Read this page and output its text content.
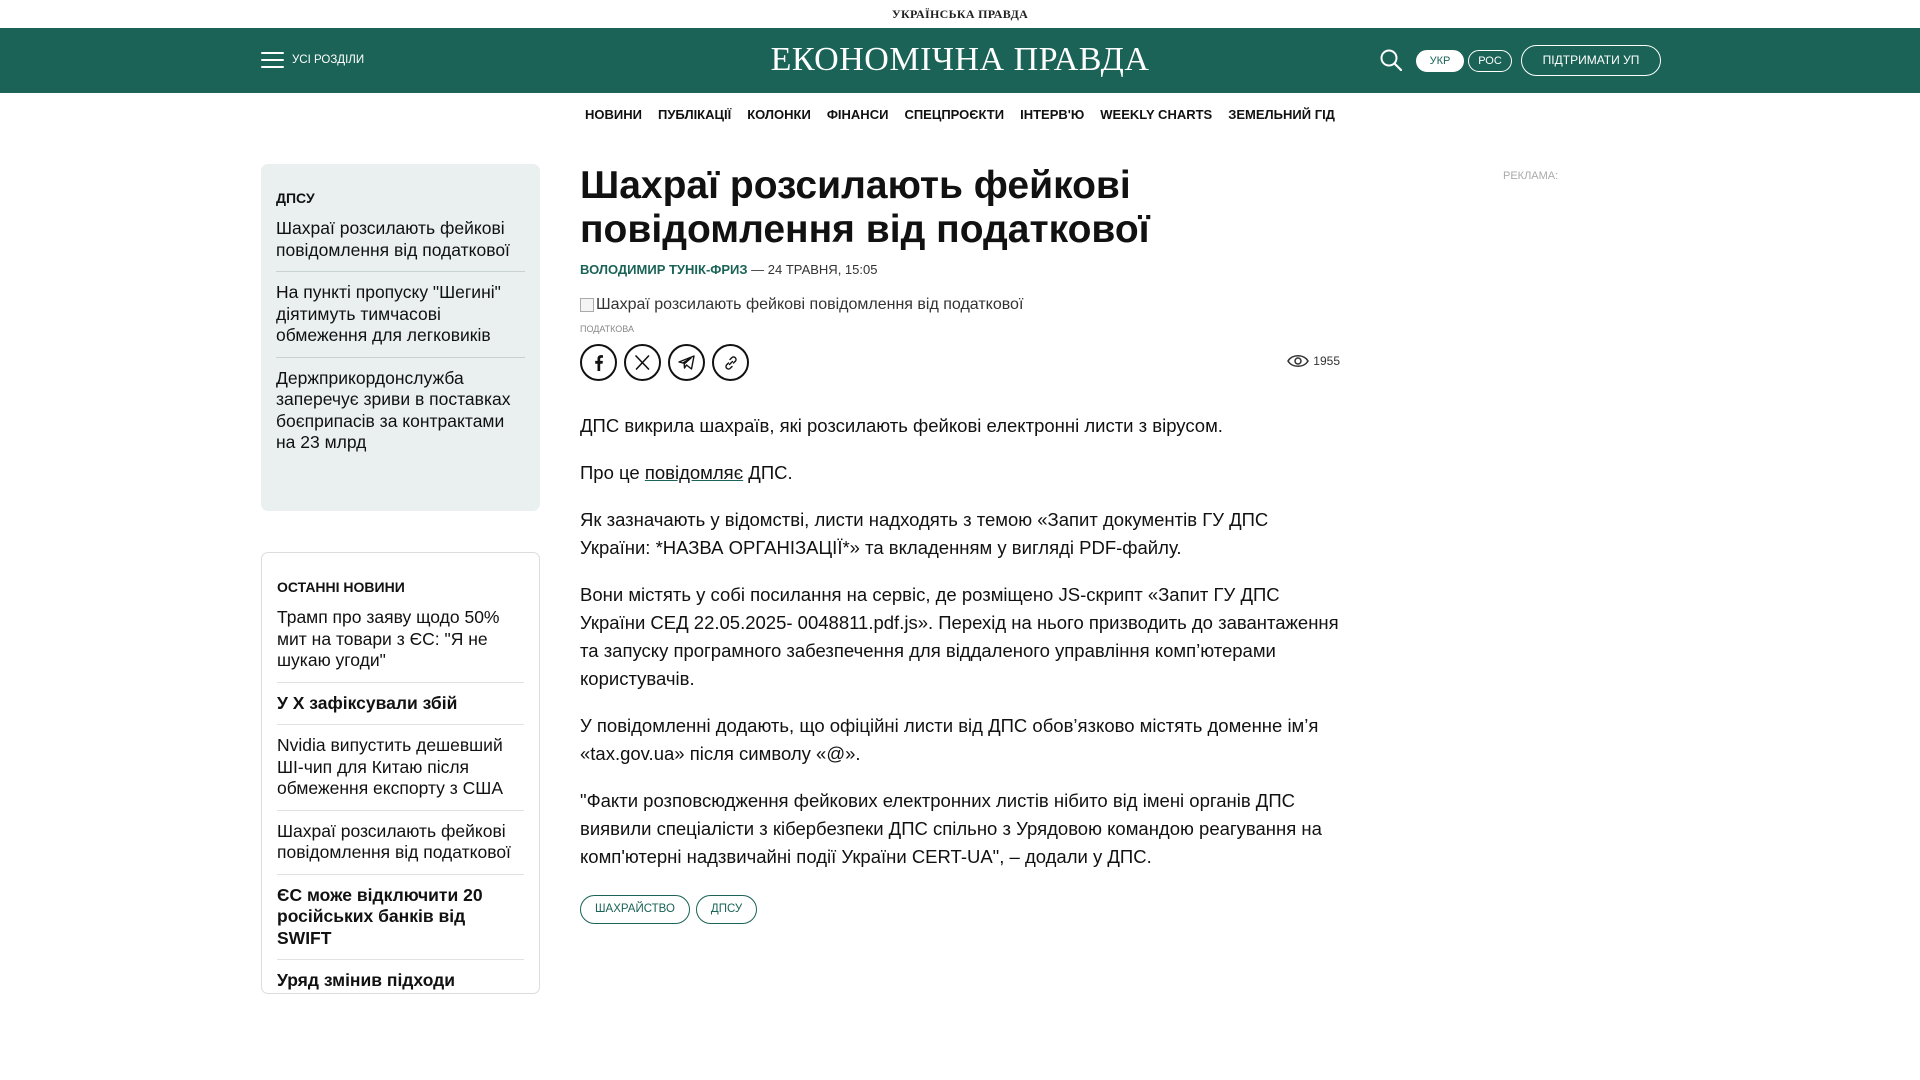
УКРАЇНСЬКА ПРАВДА
УСІ РОЗДІЛИ	ЕКОНОМІЧНА ПРАВДА	УКР	РОС	ПІДТРИМАТИ УП
НОВИНИ ПУБЛІКАЦІЇ КОЛОНКИ ФІНАНСИ СПЕЦПРОЄКТИ ІНТЕРВ'Ю WEEKLY CHARTS ЗЕМЕЛЬНИЙ ГІД
ДПСУ
Шахраї розсилають фейкові повідомлення від податкової
На пункті пропуску "Шегині" діятимуть тимчасові обмеження для легковиків
Держприкордонслужба заперечує зриви в поставках боєприпасів за контрактами на 23 млрд
ОСТАННІ НОВИНИ
Трамп про заяву щодо 50% мит на товари з ЄС: "Я не шукаю угоди"
У Х зафіксували збій
Nvidia випустить дешевший ШІ-чип для Китаю після обмеження експорту з США
Шахраї розсилають фейкові повідомлення від податкової
ЄС може відключити 20 російських банків від SWIFT
Уряд змінив підходи
Шахраї розсилають фейкові повідомлення від податкової
ВОЛОДИМИР ТУНІК-ФРИЗ — 24 ТРАВНЯ, 15:05
Шахраї розсилають фейкові повідомлення від податкової
ПОДАТКОВА
1955

ДПС викрила шахраїв, які розсилають фейкові електронні листи з вірусом.

Про це повідомляє ДПС.

Як зазначають у відомстві, листи надходять з темою «Запит документів ГУ ДПС України: *НАЗВА ОРГАНІЗАЦІЇ*» та вкладенням у вигляді PDF-файлу.

Вони містять у собі посилання на сервіс, де розміщено JS-скрипт «Запит ГУ ДПС України СЕД 22.05.2025- 0048811.pdf.js». Перехід на нього призводить до завантаження та запуску програмного забезпечення для віддаленого управління комп’ютерами користувачів.

У повідомленні додають, що офіційні листи від ДПС обов’язково містять доменне ім’я «tax.gov.ua» після символу «@».

"Факти розповсюдження фейкових електронних листів нібито від імені органів ДПС виявили спеціалісти з кібербезпеки ДПС спільно з Урядовою командою реагування на комп'ютерні надзвичайні події України CERT-UA", – додали у ДПС.

ШАХРАЙСТВО	ДПСУ
РЕКЛАМА:
